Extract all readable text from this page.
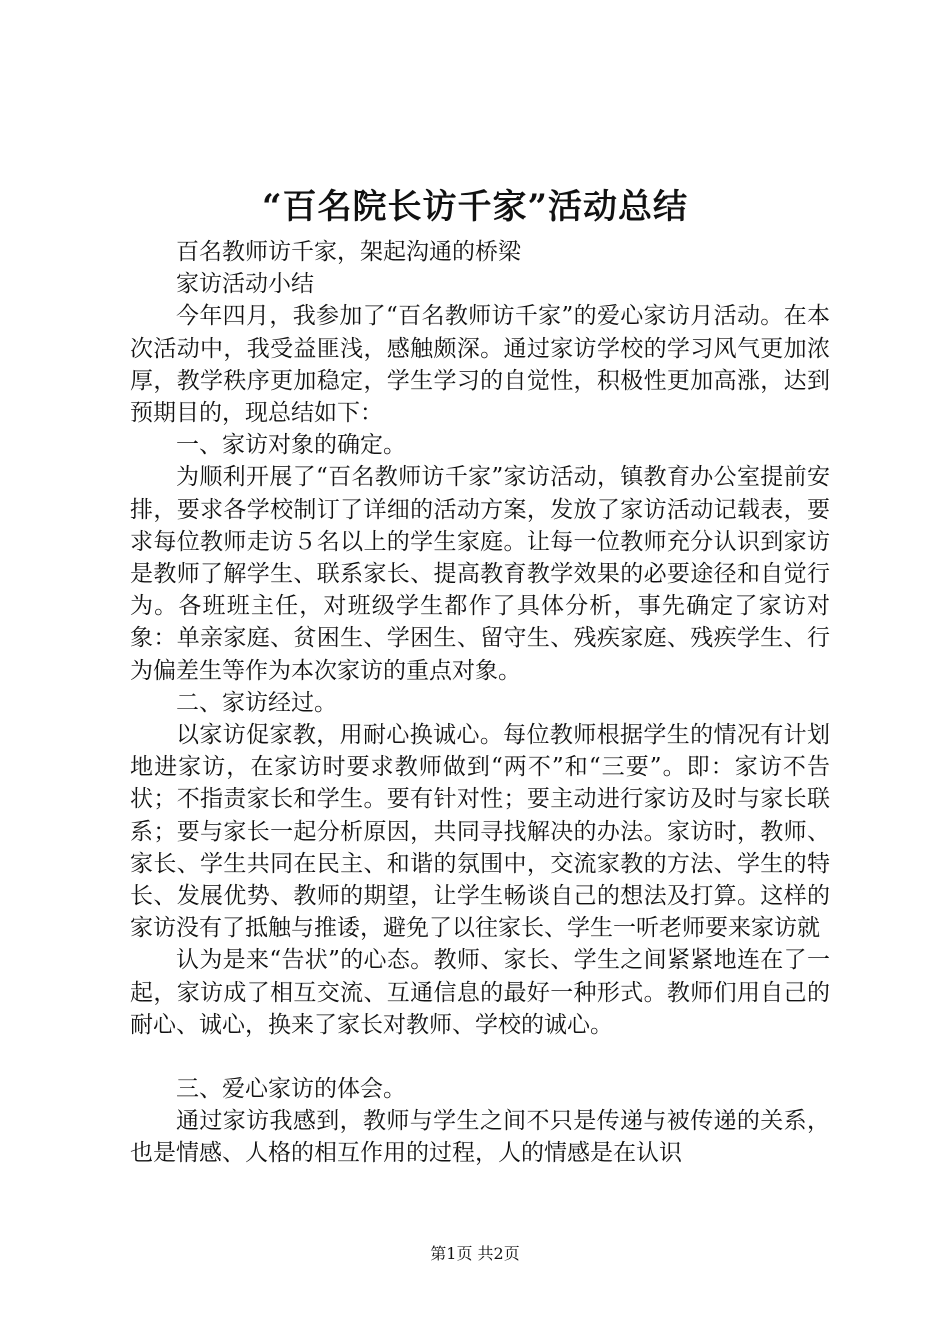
“百名院长访千家”活动总结

百名教师访千家，架起沟通的桥梁

家访活动小结

今年四月，我参加了“百名教师访千家”的爱心家访月活动。在本次活动中，我受益匪浅，感触颇深。通过家访学校的学习风气更加浓厚，教学秩序更加稳定，学生学习的自觉性，积极性更加高涨，达到预期目的，现总结如下：

一、家访对象的确定。

为顺利开展了“百名教师访千家”家访活动，镇教育办公室提前安排，要求各学校制订了详细的活动方案，发放了家访活动记载表，要求每位教师走访５名以上的学生家庭。让每一位教师充分认识到家访是教师了解学生、联系家长、提高教育教学效果的必要途径和自觉行为。各班班主任，对班级学生都作了具体分析，事先确定了家访对象：单亲家庭、贫困生、学困生、留守生、残疾家庭、残疾学生、行为偏差生等作为本次家访的重点对象。

二、家访经过。

以家访促家教，用耐心换诚心。每位教师根据学生的情况有计划地进家访，在家访时要求教师做到“两不”和“三要”。即：家访不告状；不指责家长和学生。要有针对性；要主动进行家访及时与家长联系；要与家长一起分析原因，共同寻找解决的办法。家访时，教师、家长、学生共同在民主、和谐的氛围中，交流家教的方法、学生的特长、发展优势、教师的期望，让学生畅谈自己的想法及打算。这样的家访没有了抵触与推诿，避免了以往家长、学生一听老师要来家访就

认为是来“告状”的心态。教师、家长、学生之间紧紧地连在了一起，家访成了相互交流、互通信息的最好一种形式。教师们用自己的耐心、诚心，换来了家长对教师、学校的诚心。

三、爱心家访的体会。

通过家访我感到，教师与学生之间不只是传递与被传递的关系，也是情感、人格的相互作用的过程，人的情感是在认识

第1页 共2页
